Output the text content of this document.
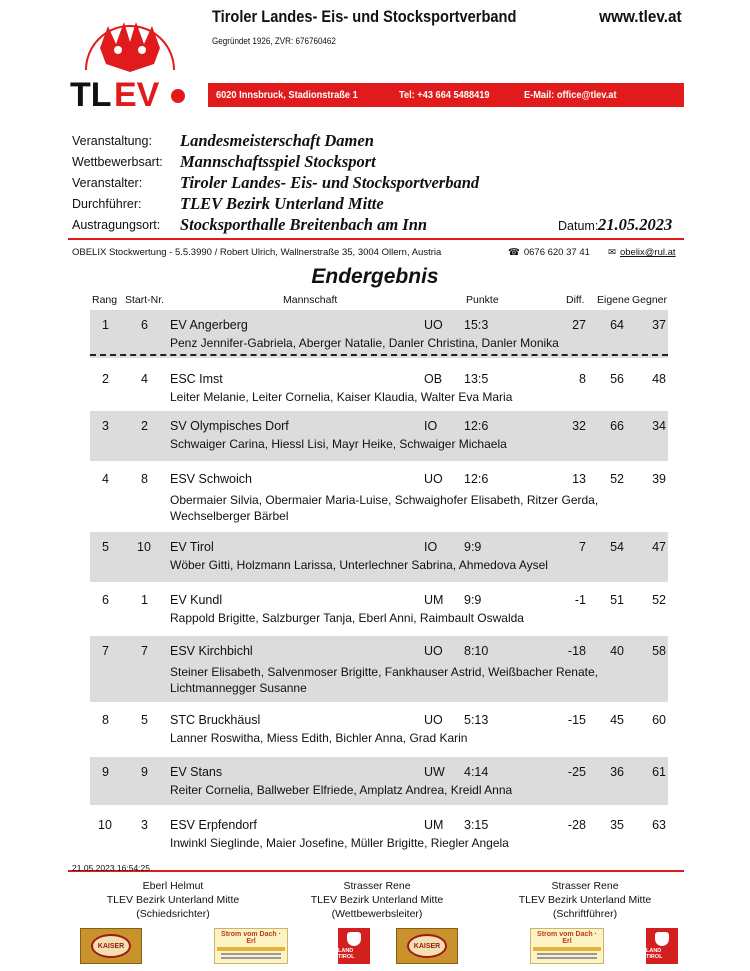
TL EV
Tiroler Landes- Eis- und Stocksportverband	www.tlev.at
Gegründet 1926, ZVR: 676760462
6020 Innsbruck, Stadionstraße 1	Tel: +43 664 5488419	E-Mail: office@tlev.at
Veranstaltung: Landesmeisterschaft Damen
Wettbewerbsart: Mannschaftsspiel Stocksport
Veranstalter: Tiroler Landes- Eis- und Stocksportverband
Durchführer: TLEV Bezirk Unterland Mitte
Austragungsort: Stocksporthalle Breitenbach am Inn	Datum: 21.05.2023
OBELIX Stockwertung - 5.5.3990 / Robert Ulrich, Wallnerstraße 35, 3004 Ollern, Austria	☎ 0676 620 37 41 ✉ obelix@rul.at
Endergebnis
Rang Start-Nr.	Mannschaft	Punkte	Diff. Eigene Gegner
1	6 EV Angerberg	UO 15:3	27 64 37
Penz Jennifer-Gabriela, Aberger Natalie, Danler Christina, Danler Monika
2	4 ESC Imst	OB 13:5	8 56 48
Leiter Melanie, Leiter Cornelia, Kaiser Klaudia, Walter Eva Maria
3	2 SV Olympisches Dorf	IO 12:6	32 66 34
Schwaiger Carina, Hiessl Lisi, Mayr Heike, Schwaiger Michaela
4	8 ESV Schwoich	UO 12:6	13 52 39
Obermaier Silvia, Obermaier Maria-Luise, Schwaighofer Elisabeth, Ritzer Gerda, Wechselberger Bärbel
5 10 EV Tirol	IO 9:9	7 54 47
Wöber Gitti, Holzmann Larissa, Unterlechner Sabrina, Ahmedova Aysel
6	1 EV Kundl	UM 9:9	-1 51 52
Rappold Brigitte, Salzburger Tanja, Eberl Anni, Raimbault Oswalda
7	7 ESV Kirchbichl	UO 8:10	-18 40 58
Steiner Elisabeth, Salvenmoser Brigitte, Fankhauser Astrid, Weißbacher Renate, Lichtmannegger Susanne
8	5 STC Bruckhäusl	UO 5:13	-15 45 60
Lanner Roswitha, Miess Edith, Bichler Anna, Grad Karin
9	9 EV Stans	UW 4:14	-25 36 61
Reiter Cornelia, Ballweber Elfriede, Amplatz Andrea, Kreidl Anna
10 3 ESV Erpfendorf	UM 3:15	-28 35 63
Inwinkl Sieglinde, Maier Josefine, Müller Brigitte, Riegler Angela
21.05.2023 16:54:25
Eberl Helmut
TLEV Bezirk Unterland Mitte
(Schiedsrichter)
Strasser Rene
TLEV Bezirk Unterland Mitte
(Wettbewerbsleiter)
Strasser Rene
TLEV Bezirk Unterland Mitte
(Schriftführer)
KAISER
Strom vom Dach · Erl
LAND TIROL
KAISER
Strom vom Dach · Erl
LAND TIROL
